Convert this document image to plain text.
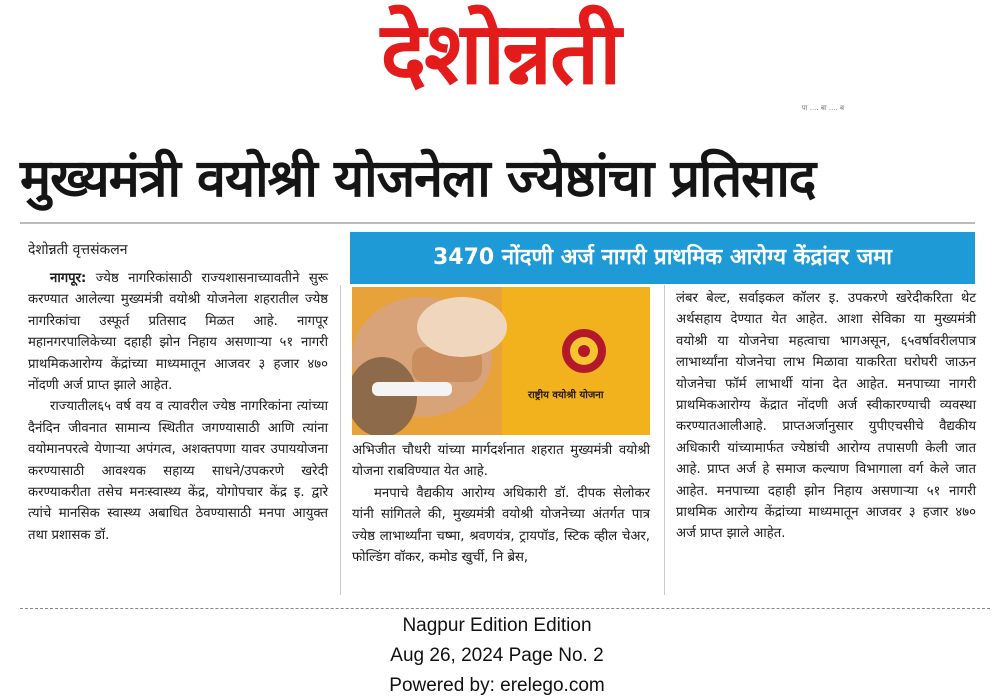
देशोन्नती
पा .... बा .... ब
मुख्यमंत्री वयोश्री योजनेला ज्येष्ठांचा प्रतिसाद
देशोन्नती वृत्तसंकलन	3470 नोंदणी अर्ज नागरी प्राथमिक आरोग्य केंद्रांवर जमा

नागपूर: ज्येष्ठ नागरिकांसाठी राज्यशासनाच्यावतीने सुरू करण्यात आलेल्या मुख्यमंत्री वयोश्री योजनेला शहरातील ज्येष्ठ नागरिकांचा उस्फूर्त प्रतिसाद मिळत आहे. नागपूर महानगरपालिकेच्या दहाही झोन निहाय असणाऱ्या ५१ नागरी प्राथमिकआरोग्य केंद्रांच्या माध्यमातून आजवर ३ हजार ४७० नोंदणी अर्ज प्राप्त झाले आहेत.

राज्यातील६५ वर्ष वय व त्यावरील ज्येष्ठ नागरिकांना त्यांच्या दैनंदिन जीवनात सामान्य स्थितीत जगण्यासाठी आणि त्यांना वयोमानपरत्वे येणाऱ्या अपंगत्व, अशक्तपणा यावर उपाययोजना करण्यासाठी आवश्यक सहाय्य साधने/उपकरणे खरेदी करण्याकरीता तसेच मनःस्वास्थ्य केंद्र, योगोपचार केंद्र इ. द्वारे त्यांचे मानसिक स्वास्थ्य अबाधित ठेवण्यासाठी मनपा आयुक्त तथा प्रशासक डॉ.

राष्ट्रीय वयोश्री योजना

अभिजीत चौधरी यांच्या मार्गदर्शनात शहरात मुख्यमंत्री वयोश्री योजना राबविण्यात येत आहे.

मनपाचे वैद्यकीय आरोग्य अधिकारी डॉ. दीपक सेलोकर यांनी सांगितले की, मुख्यमंत्री वयोश्री योजनेच्या अंतर्गत पात्र ज्येष्ठ लाभार्थ्यांना चष्मा, श्रवणयंत्र, ट्रायपॉड, स्टिक व्हील चेअर, फोल्डिंग वॉकर, कमोड खुर्ची, नि ब्रेस,

लंबर बेल्ट, सर्वाइकल कॉलर इ. उपकरणे खरेदीकरिता थेट अर्थसहाय देण्यात येत आहेत. आशा सेविका या मुख्यमंत्री वयोश्री या योजनेचा महत्वाचा भागअसून, ६५वर्षावरीलपात्र लाभार्थ्यांना योजनेचा लाभ मिळावा याकरिता घरोघरी जाऊन योजनेचा फॉर्म लाभार्थी यांना देत आहेत. मनपाच्या नागरी प्राथमिकआरोग्य केंद्रात नोंदणी अर्ज स्वीकारण्याची व्यवस्था करण्यातआलीआहे. प्राप्तअर्जानुसार युपीएचसीचे वैद्यकीय अधिकारी यांच्यामार्फत ज्येष्ठांची आरोग्य तपासणी केली जात आहे. प्राप्त अर्ज हे समाज कल्याण विभागाला वर्ग केले जात आहेत. मनपाच्या दहाही झोन निहाय असणाऱ्या ५१ नागरी प्राथमिक आरोग्य केंद्रांच्या माध्यमातून आजवर ३ हजार ४७० अर्ज प्राप्त झाले आहेत.

Nagpur Edition Edition
Aug 26, 2024 Page No. 2
Powered by: erelego.com
